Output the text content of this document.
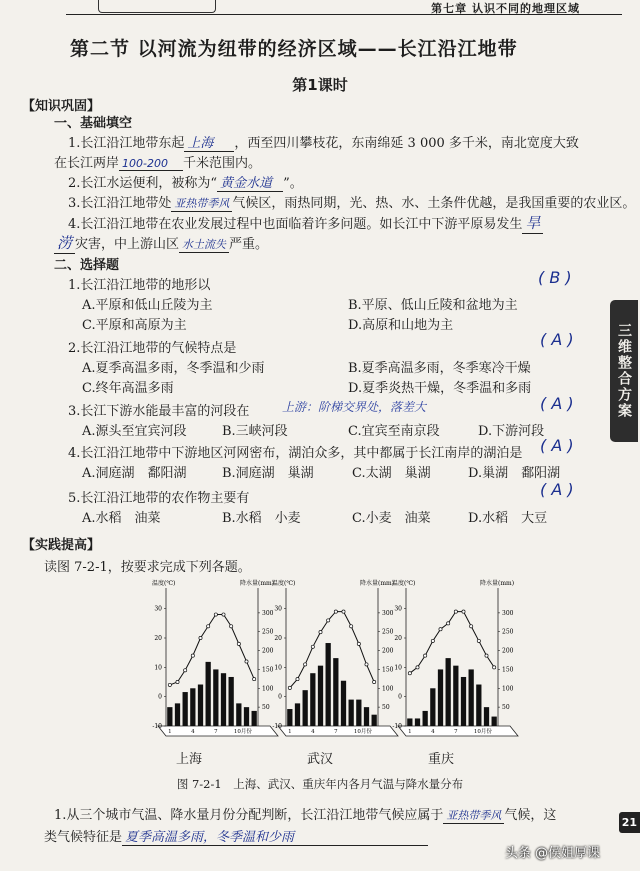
第七章 认识不同的地理区域
第二节 以河流为纽带的经济区域——长江沿江地带
第1课时
【知识巩固】
一、基础填空
1.长江沿江地带东起 上海 ，西至四川攀枝花，东南绵延 3 000 多千米，南北宽度大致
在长江两岸 100-200 千米范围内。
2.长江水运便利，被称为“ 黄金水道 ”。
3.长江沿江地带处 亚热带季风 气候区，雨热同期，光、热、水、土条件优越，是我国重要的农业区。
4.长江沿江地带在农业发展过程中也面临着许多问题。如长江中下游平原易发生 旱
涝 灾害，中上游山区 水土流失 严重。
二、选择题
1.长江沿江地带的地形以	( B )
A.平原和低山丘陵为主	B.平原、低山丘陵和盆地为主
C.平原和高原为主	D.高原和山地为主
2.长江沿江地带的气候特点是	( A )
A.夏季高温多雨，冬季温和少雨	B.夏季高温多雨，冬季寒冷干燥
C.终年高温多雨	D.夏季炎热干燥，冬季温和多雨
3.长江下游水能最丰富的河段在	上游：阶梯交界处，落差大	( A )
A.源头至宜宾河段	B.三峡河段	C.宜宾至南京段	D.下游河段
4.长江沿江地带中下游地区河网密布，湖泊众多，其中都属于长江南岸的湖泊是 ( A )
A.洞庭湖　鄱阳湖	B.洞庭湖　巢湖	C.太湖　巢湖	D.巢湖　鄱阳湖
5.长江沿江地带的农作物主要有	( A )
A.水稻　油菜	B.水稻　小麦	C.小麦　油菜	D.水稻　大豆
【实践提高】
读图 7-2-1，按要求完成下列各题。
温度(℃)	降水量(mm)
30
20
10
0
-10
300
250
200
150
100
50
1	4	7	10月份
温度(℃)	降水量(mm)
30
20
10
0
-10
300
250
200
150
100
50
1	4	7	10月份
温度(℃)	降水量(mm)
30
20
10
0
-10
300
250
200
150
100
50
1	4	7	10月份
上海	武汉	重庆
图 7-2-1　上海、武汉、重庆年内各月气温与降水量分布
1.从三个城市气温、降水量月份分配判断，长江沿江地带气候应属于 亚热带季风 气候，这
类气候特征是 夏季高温多雨，冬季温和少雨
三维整合方案
21
头条 @侯姐厚课
